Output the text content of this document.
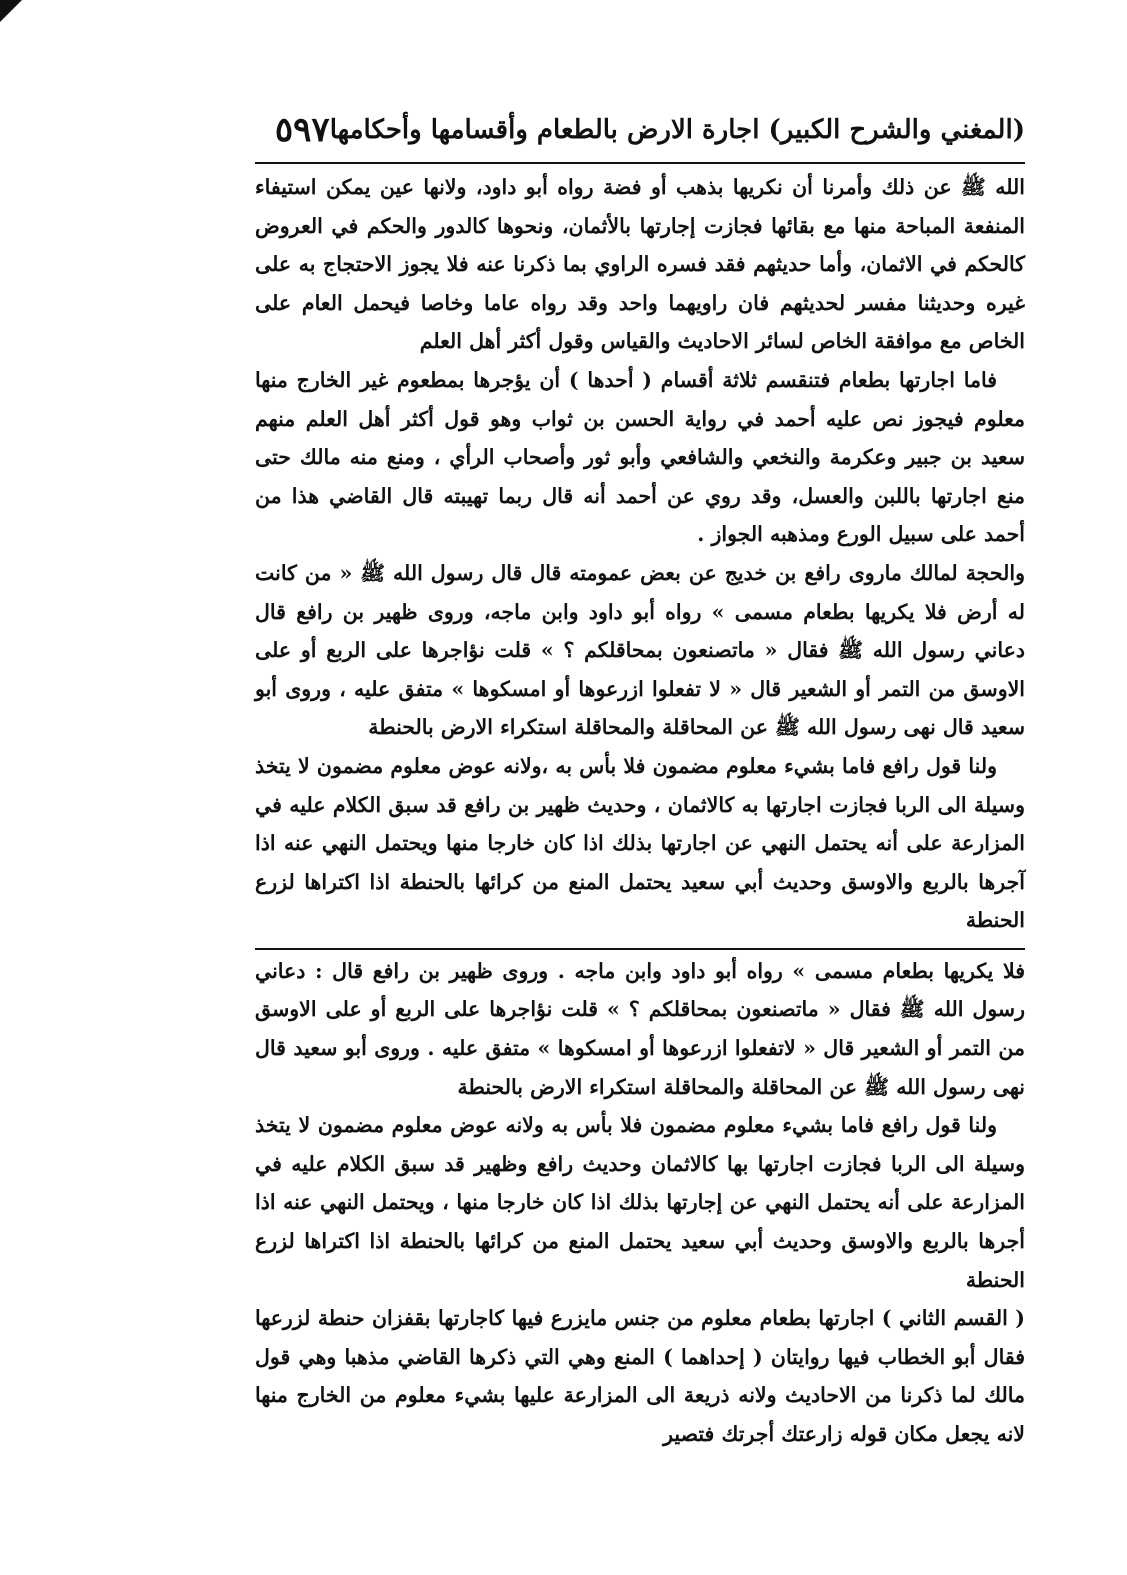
(المغني والشرح الكبير) اجارة الارض بالطعام وأقسامها وأحكامها
٥٩٧

الله ﷺ عن ذلك وأمرنا أن نكريها بذهب أو فضة رواه أبو داود، ولانها عين يمكن استيفاء المنفعة المباحة منها مع بقائها فجازت إجارتها بالأثمان، ونحوها كالدور والحكم في العروض كالحكم في الاثمان، وأما حديثهم فقد فسره الراوي بما ذكرنا عنه فلا يجوز الاحتجاج به على غيره وحديثنا مفسر لحديثهم فان راويهما واحد وقد رواه عاما وخاصا فيحمل العام على الخاص مع موافقة الخاص لسائر الاحاديث والقياس وقول أكثر أهل العلم

فاما اجارتها بطعام فتنقسم ثلاثة أقسام ( أحدها ) أن يؤجرها بمطعوم غير الخارج منها معلوم فيجوز نص عليه أحمد في رواية الحسن بن ثواب وهو قول أكثر أهل العلم منهم سعيد بن جبير وعكرمة والنخعي والشافعي وأبو ثور وأصحاب الرأي ، ومنع منه مالك حتى منع اجارتها باللبن والعسل، وقد روي عن أحمد أنه قال ربما تهيبته قال القاضي هذا من أحمد على سبيل الورع ومذهبه الجواز .

والحجة لمالك ماروى رافع بن خديج عن بعض عمومته قال قال رسول الله ﷺ « من كانت له أرض فلا يكريها بطعام مسمى » رواه أبو داود وابن ماجه، وروى ظهير بن رافع قال دعاني رسول الله ﷺ فقال « ماتصنعون بمحاقلكم ؟ » قلت نؤاجرها على الربع أو على الاوسق من التمر أو الشعير قال « لا تفعلوا ازرعوها أو امسكوها » متفق عليه ، وروى أبو سعيد قال نهى رسول الله ﷺ عن المحاقلة والمحاقلة استكراء الارض بالحنطة

ولنا قول رافع فاما بشيء معلوم مضمون فلا بأس به ،ولانه عوض معلوم مضمون لا يتخذ وسيلة الى الربا فجازت اجارتها به كالاثمان ، وحديث ظهير بن رافع قد سبق الكلام عليه في المزارعة على أنه يحتمل النهي عن اجارتها بذلك اذا كان خارجا منها ويحتمل النهي عنه اذا آجرها بالربع والاوسق وحديث أبي سعيد يحتمل المنع من كرائها بالحنطة اذا اكتراها لزرع الحنطة

فلا يكريها بطعام مسمى » رواه أبو داود وابن ماجه . وروى ظهير بن رافع قال : دعاني رسول الله ﷺ فقال « ماتصنعون بمحاقلكم ؟ » قلت نؤاجرها على الربع أو على الاوسق من التمر أو الشعير قال « لاتفعلوا ازرعوها أو امسكوها » متفق عليه . وروى أبو سعيد قال نهى رسول الله ﷺ عن المحاقلة والمحاقلة استكراء الارض بالحنطة

ولنا قول رافع فاما بشيء معلوم مضمون فلا بأس به ولانه عوض معلوم مضمون لا يتخذ وسيلة الى الربا فجازت اجارتها بها كالاثمان وحديث رافع وظهير قد سبق الكلام عليه في المزارعة على أنه يحتمل النهي عن إجارتها بذلك اذا كان خارجا منها ، ويحتمل النهي عنه اذا أجرها بالربع والاوسق وحديث أبي سعيد يحتمل المنع من كرائها بالحنطة اذا اكتراها لزرع الحنطة

( القسم الثاني ) اجارتها بطعام معلوم من جنس مايزرع فيها كاجارتها بقفزان حنطة لزرعها فقال أبو الخطاب فيها روايتان ( إحداهما ) المنع وهي التي ذكرها القاضي مذهبا وهي قول مالك لما ذكرنا من الاحاديث ولانه ذريعة الى المزارعة عليها بشيء معلوم من الخارج منها لانه يجعل مكان قوله زارعتك أجرتك فتصير
